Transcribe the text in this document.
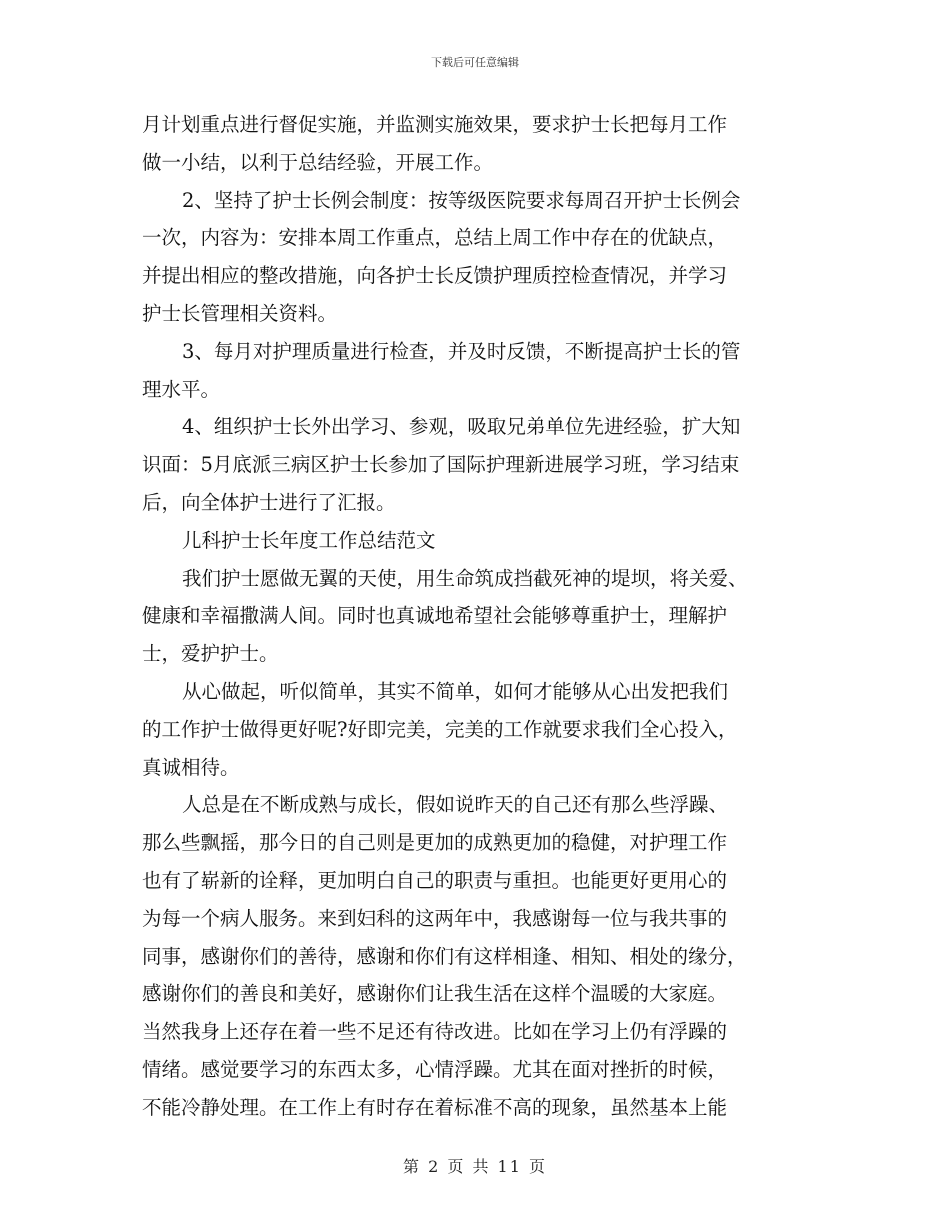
下载后可任意编辑
月计划重点进行督促实施，并监测实施效果，要求护士长把每月工作
做一小结，以利于总结经验，开展工作。
2、坚持了护士长例会制度：按等级医院要求每周召开护士长例会
一次，内容为：安排本周工作重点，总结上周工作中存在的优缺点，
并提出相应的整改措施，向各护士长反馈护理质控检查情况，并学习
护士长管理相关资料。
3、每月对护理质量进行检查，并及时反馈，不断提高护士长的管
理水平。
4、组织护士长外出学习、参观，吸取兄弟单位先进经验，扩大知
识面：5月底派三病区护士长参加了国际护理新进展学习班，学习结束
后，向全体护士进行了汇报。
儿科护士长年度工作总结范文
我们护士愿做无翼的天使，用生命筑成挡截死神的堤坝，将关爱、
健康和幸福撒满人间。同时也真诚地希望社会能够尊重护士，理解护
士，爱护护士。
从心做起，听似简单，其实不简单，如何才能够从心出发把我们
的工作护士做得更好呢?好即完美，完美的工作就要求我们全心投入，
真诚相待。
人总是在不断成熟与成长，假如说昨天的自己还有那么些浮躁、
那么些飘摇，那今日的自己则是更加的成熟更加的稳健，对护理工作
也有了崭新的诠释，更加明白自己的职责与重担。也能更好更用心的
为每一个病人服务。来到妇科的这两年中，我感谢每一位与我共事的
同事，感谢你们的善待，感谢和你们有这样相逢、相知、相处的缘分，
感谢你们的善良和美好，感谢你们让我生活在这样个温暖的大家庭。
当然我身上还存在着一些不足还有待改进。比如在学习上仍有浮躁的
情绪。感觉要学习的东西太多，心情浮躁。尤其在面对挫折的时候，
不能冷静处理。在工作上有时存在着标准不高的现象，虽然基本上能
第 2 页 共 11 页
